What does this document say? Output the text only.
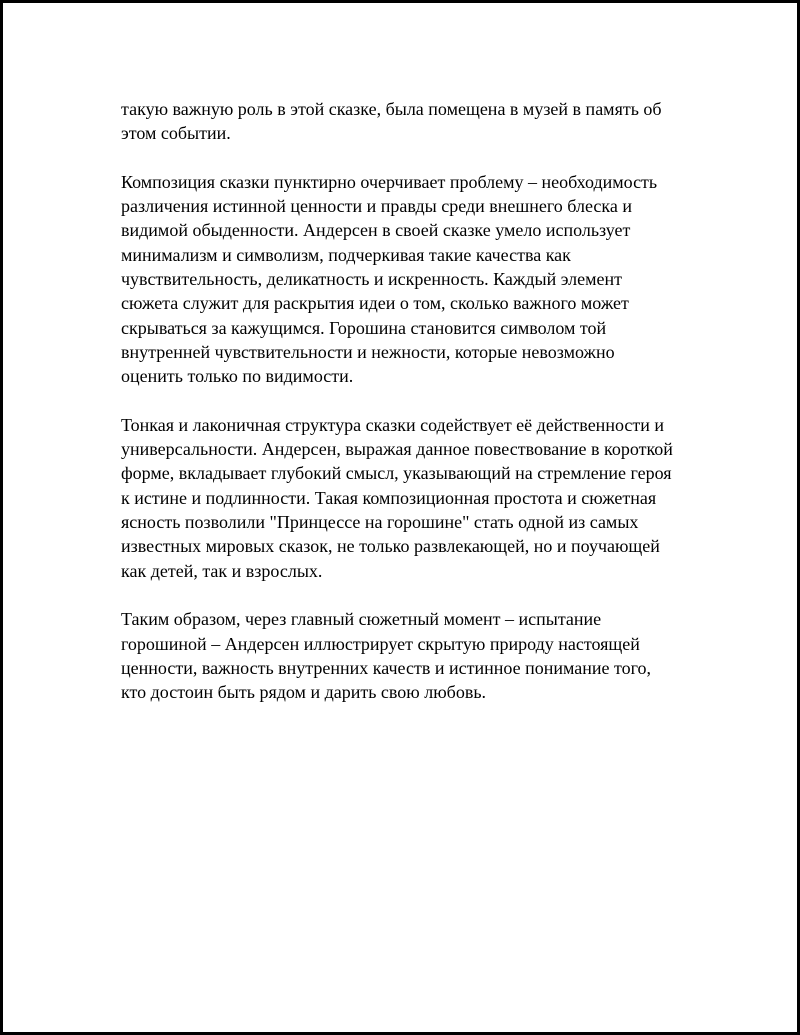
такую важную роль в этой сказке, была помещена в музей в память об
этом событии.

Композиция сказки пунктирно очерчивает проблему – необходимость
различения истинной ценности и правды среди внешнего блеска и
видимой обыденности. Андерсен в своей сказке умело использует
минимализм и символизм, подчеркивая такие качества как
чувствительность, деликатность и искренность. Каждый элемент
сюжета служит для раскрытия идеи о том, сколько важного может
скрываться за кажущимся. Горошина становится символом той
внутренней чувствительности и нежности, которые невозможно
оценить только по видимости.

Тонкая и лаконичная структура сказки содействует её действенности и
универсальности. Андерсен, выражая данное повествование в короткой
форме, вкладывает глубокий смысл, указывающий на стремление героя
к истине и подлинности. Такая композиционная простота и сюжетная
ясность позволили "Принцессе на горошине" стать одной из самых
известных мировых сказок, не только развлекающей, но и поучающей
как детей, так и взрослых.

Таким образом, через главный сюжетный момент – испытание
горошиной – Андерсен иллюстрирует скрытую природу настоящей
ценности, важность внутренних качеств и истинное понимание того,
кто достоин быть рядом и дарить свою любовь.
